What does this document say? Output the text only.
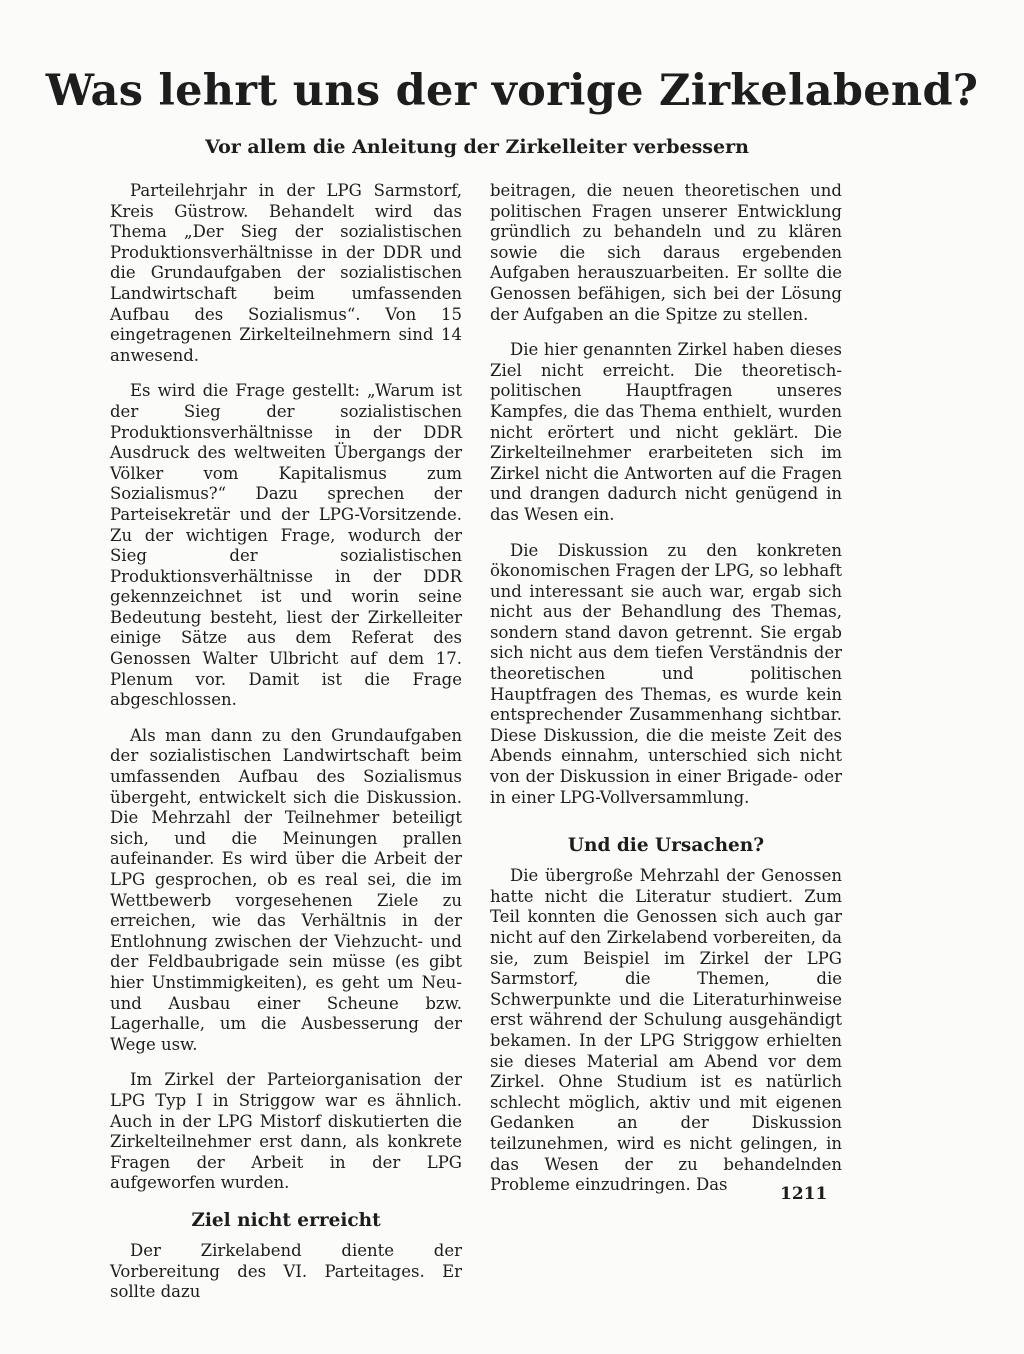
Was lehrt uns der vorige Zirkelabend?
Vor allem die Anleitung der Zirkelleiter verbessern

Parteilehrjahr in der LPG Sarmstorf, Kreis Güstrow. Behandelt wird das Thema „Der Sieg der sozialistischen Produktionsverhältnisse in der DDR und die Grundaufgaben der sozialistischen Landwirtschaft beim umfassenden Aufbau des Sozialismus“. Von 15 eingetragenen Zirkelteilnehmern sind 14 anwesend.

Es wird die Frage gestellt: „Warum ist der Sieg der sozialistischen Produktionsverhältnisse in der DDR Ausdruck des weltweiten Übergangs der Völker vom Kapitalismus zum Sozialismus?“ Dazu sprechen der Parteisekretär und der LPG-Vorsitzende. Zu der wichtigen Frage, wodurch der Sieg der sozialistischen Produktionsverhältnisse in der DDR gekennzeichnet ist und worin seine Bedeutung besteht, liest der Zirkelleiter einige Sätze aus dem Referat des Genossen Walter Ulbricht auf dem 17. Plenum vor. Damit ist die Frage abgeschlossen.

Als man dann zu den Grundaufgaben der sozialistischen Landwirtschaft beim umfassenden Aufbau des Sozialismus übergeht, entwickelt sich die Diskussion. Die Mehrzahl der Teilnehmer beteiligt sich, und die Meinungen prallen aufeinander. Es wird über die Arbeit der LPG gesprochen, ob es real sei, die im Wettbewerb vorgesehenen Ziele zu erreichen, wie das Verhältnis in der Entlohnung zwischen der Viehzucht- und der Feldbaubrigade sein müsse (es gibt hier Unstimmigkeiten), es geht um Neu- und Ausbau einer Scheune bzw. Lagerhalle, um die Ausbesserung der Wege usw.

Im Zirkel der Parteiorganisation der LPG Typ I in Striggow war es ähnlich. Auch in der LPG Mistorf diskutierten die Zirkelteilnehmer erst dann, als konkrete Fragen der Arbeit in der LPG aufgeworfen wurden.

Ziel nicht erreicht

Der Zirkelabend diente der Vorbereitung des VI. Parteitages. Er sollte dazu

beitragen, die neuen theoretischen und politischen Fragen unserer Entwicklung gründlich zu behandeln und zu klären sowie die sich daraus ergebenden Aufgaben herauszuarbeiten. Er sollte die Genossen befähigen, sich bei der Lösung der Aufgaben an die Spitze zu stellen.

Die hier genannten Zirkel haben dieses Ziel nicht erreicht. Die theoretisch-politischen Hauptfragen unseres Kampfes, die das Thema enthielt, wurden nicht erörtert und nicht geklärt. Die Zirkelteilnehmer erarbeiteten sich im Zirkel nicht die Antworten auf die Fragen und drangen dadurch nicht genügend in das Wesen ein.

Die Diskussion zu den konkreten ökonomischen Fragen der LPG, so lebhaft und interessant sie auch war, ergab sich nicht aus der Behandlung des Themas, sondern stand davon getrennt. Sie ergab sich nicht aus dem tiefen Verständnis der theoretischen und politischen Hauptfragen des Themas, es wurde kein entsprechender Zusammenhang sichtbar. Diese Diskussion, die die meiste Zeit des Abends einnahm, unterschied sich nicht von der Diskussion in einer Brigade- oder in einer LPG-Vollversammlung.

Und die Ursachen?

Die übergroße Mehrzahl der Genossen hatte nicht die Literatur studiert. Zum Teil konnten die Genossen sich auch gar nicht auf den Zirkelabend vorbereiten, da sie, zum Beispiel im Zirkel der LPG Sarmstorf, die Themen, die Schwerpunkte und die Literaturhinweise erst während der Schulung ausgehändigt bekamen. In der LPG Striggow erhielten sie dieses Material am Abend vor dem Zirkel. Ohne Studium ist es natürlich schlecht möglich, aktiv und mit eigenen Gedanken an der Diskussion teilzunehmen, wird es nicht gelingen, in das Wesen der zu behandelnden Probleme einzudringen. Das	1211
